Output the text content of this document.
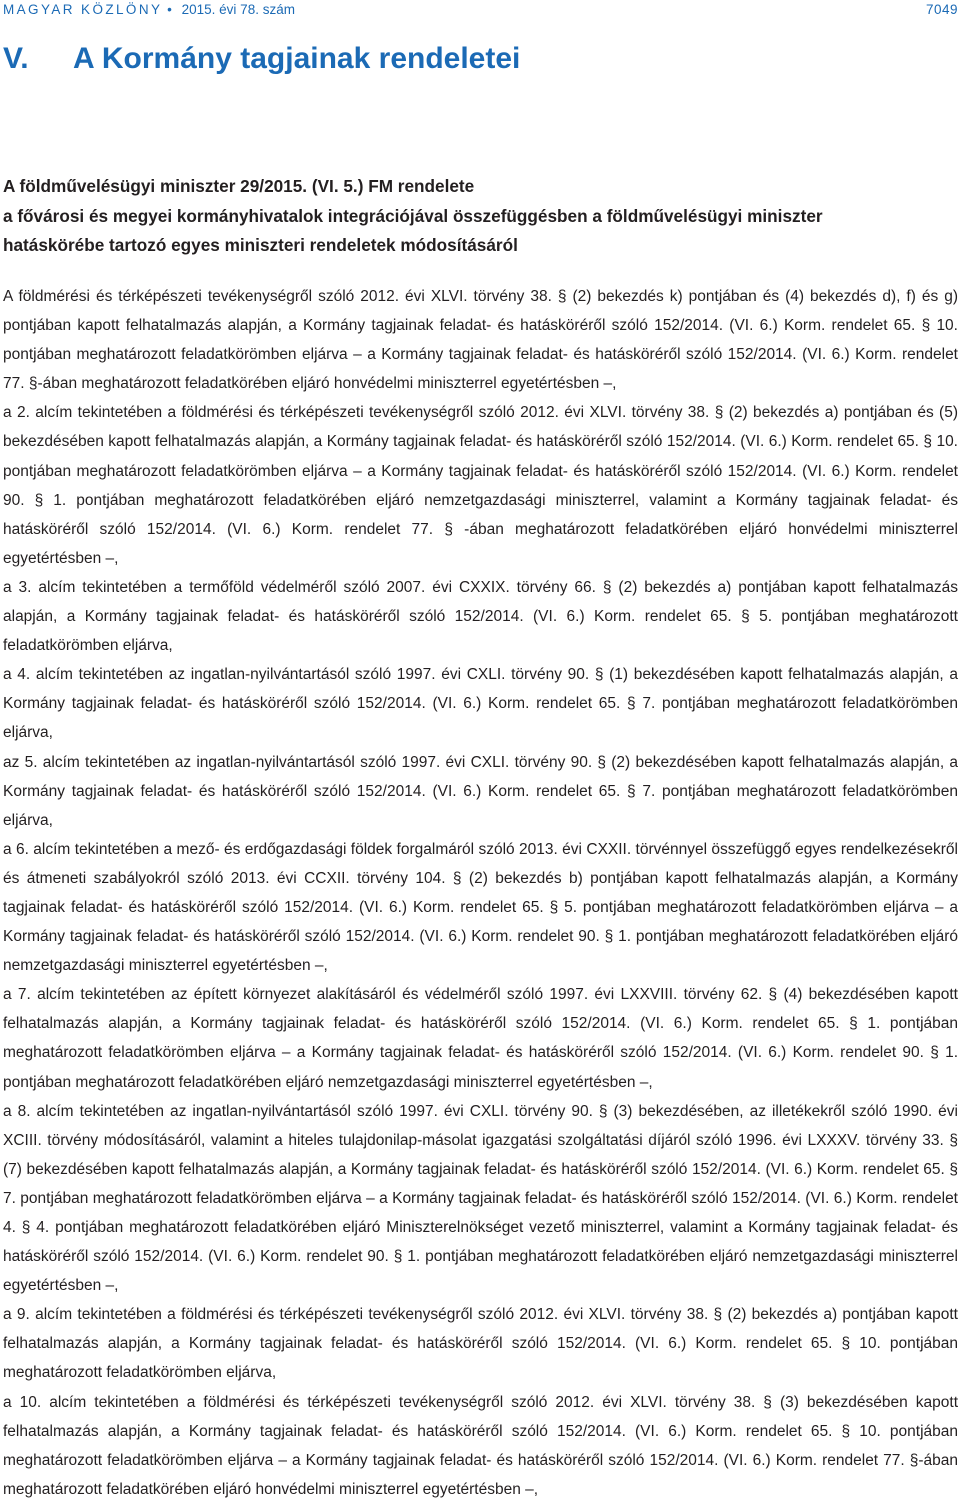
MAGYAR KÖZLÖNY • 2015. évi 78. szám	7049
V. A Kormány tagjainak rendeletei
A földművelésügyi miniszter 29/2015. (VI. 5.) FM rendelete
a fővárosi és megyei kormányhivatalok integrációjával összefüggésben a földművelésügyi miniszter
hatáskörébe tartozó egyes miniszteri rendeletek módosításáról

A földmérési és térképészeti tevékenységről szóló 2012. évi XLVI. törvény 38. § (2) bekezdés k) pontjában és (4) bekezdés d), f) és g) pontjában kapott felhatalmazás alapján, a Kormány tagjainak feladat- és hatásköréről szóló 152/2014. (VI. 6.) Korm. rendelet 65. § 10. pontjában meghatározott feladatkörömben eljárva – a Kormány tagjainak feladat- és hatásköréről szóló 152/2014. (VI. 6.) Korm. rendelet 77. §-ában meghatározott feladatkörében eljáró honvédelmi miniszterrel egyetértésben –,

a 2. alcím tekintetében a földmérési és térképészeti tevékenységről szóló 2012. évi XLVI. törvény 38. § (2) bekezdés a) pontjában és (5) bekezdésében kapott felhatalmazás alapján, a Kormány tagjainak feladat- és hatásköréről szóló 152/2014. (VI. 6.) Korm. rendelet 65. § 10. pontjában meghatározott feladatkörömben eljárva – a Kormány tagjainak feladat- és hatásköréről szóló 152/2014. (VI. 6.) Korm. rendelet 90. § 1. pontjában meghatározott feladatkörében eljáró nemzetgazdasági miniszterrel, valamint a Kormány tagjainak feladat- és hatásköréről szóló 152/2014. (VI. 6.) Korm. rendelet 77. § -ában meghatározott feladatkörében eljáró honvédelmi miniszterrel egyetértésben –,

a 3. alcím tekintetében a termőföld védelméről szóló 2007. évi CXXIX. törvény 66. § (2) bekezdés a) pontjában kapott felhatalmazás alapján, a Kormány tagjainak feladat- és hatásköréről szóló 152/2014. (VI. 6.) Korm. rendelet 65. § 5. pontjában meghatározott feladatkörömben eljárva,

a 4. alcím tekintetében az ingatlan-nyilvántartásól szóló 1997. évi CXLI. törvény 90. § (1) bekezdésében kapott felhatalmazás alapján, a Kormány tagjainak feladat- és hatásköréről szóló 152/2014. (VI. 6.) Korm. rendelet 65. § 7. pontjában meghatározott feladatkörömben eljárva,

az 5. alcím tekintetében az ingatlan-nyilvántartásól szóló 1997. évi CXLI. törvény 90. § (2) bekezdésében kapott felhatalmazás alapján, a Kormány tagjainak feladat- és hatásköréről szóló 152/2014. (VI. 6.) Korm. rendelet 65. § 7. pontjában meghatározott feladatkörömben eljárva,

a 6. alcím tekintetében a mező- és erdőgazdasági földek forgalmáról szóló 2013. évi CXXII. törvénnyel összefüggő egyes rendelkezésekről és átmeneti szabályokról szóló 2013. évi CCXII. törvény 104. § (2) bekezdés b) pontjában kapott felhatalmazás alapján, a Kormány tagjainak feladat- és hatásköréről szóló 152/2014. (VI. 6.) Korm. rendelet 65. § 5. pontjában meghatározott feladatkörömben eljárva – a Kormány tagjainak feladat- és hatásköréről szóló 152/2014. (VI. 6.) Korm. rendelet 90. § 1. pontjában meghatározott feladatkörében eljáró nemzetgazdasági miniszterrel egyetértésben –,

a 7. alcím tekintetében az épített környezet alakításáról és védelméről szóló 1997. évi LXXVIII. törvény 62. § (4) bekezdésében kapott felhatalmazás alapján, a Kormány tagjainak feladat- és hatásköréről szóló 152/2014. (VI. 6.) Korm. rendelet 65. § 1. pontjában meghatározott feladatkörömben eljárva – a Kormány tagjainak feladat- és hatásköréről szóló 152/2014. (VI. 6.) Korm. rendelet 90. § 1. pontjában meghatározott feladatkörében eljáró nemzetgazdasági miniszterrel egyetértésben –,

a 8. alcím tekintetében az ingatlan-nyilvántartásól szóló 1997. évi CXLI. törvény 90. § (3) bekezdésében, az illetékekről szóló 1990. évi XCIII. törvény módosításáról, valamint a hiteles tulajdonilap-másolat igazgatási szolgáltatási díjáról szóló 1996. évi LXXXV. törvény 33. § (7) bekezdésében kapott felhatalmazás alapján, a Kormány tagjainak feladat- és hatásköréről szóló 152/2014. (VI. 6.) Korm. rendelet 65. § 7. pontjában meghatározott feladatkörömben eljárva – a Kormány tagjainak feladat- és hatásköréről szóló 152/2014. (VI. 6.) Korm. rendelet 4. § 4. pontjában meghatározott feladatkörében eljáró Miniszterelnökséget vezető miniszterrel, valamint a Kormány tagjainak feladat- és hatásköréről szóló 152/2014. (VI. 6.) Korm. rendelet 90. § 1. pontjában meghatározott feladatkörében eljáró nemzetgazdasági miniszterrel egyetértésben –,

a 9. alcím tekintetében a földmérési és térképészeti tevékenységről szóló 2012. évi XLVI. törvény 38. § (2) bekezdés a) pontjában kapott felhatalmazás alapján, a Kormány tagjainak feladat- és hatásköréről szóló 152/2014. (VI. 6.) Korm. rendelet 65. § 10. pontjában meghatározott feladatkörömben eljárva,

a 10. alcím tekintetében a földmérési és térképészeti tevékenységről szóló 2012. évi XLVI. törvény 38. § (3) bekezdésében kapott felhatalmazás alapján, a Kormány tagjainak feladat- és hatásköréről szóló 152/2014. (VI. 6.) Korm. rendelet 65. § 10. pontjában meghatározott feladatkörömben eljárva – a Kormány tagjainak feladat- és hatásköréről szóló 152/2014. (VI. 6.) Korm. rendelet 77. §-ában meghatározott feladatkörében eljáró honvédelmi miniszterrel egyetértésben –,
